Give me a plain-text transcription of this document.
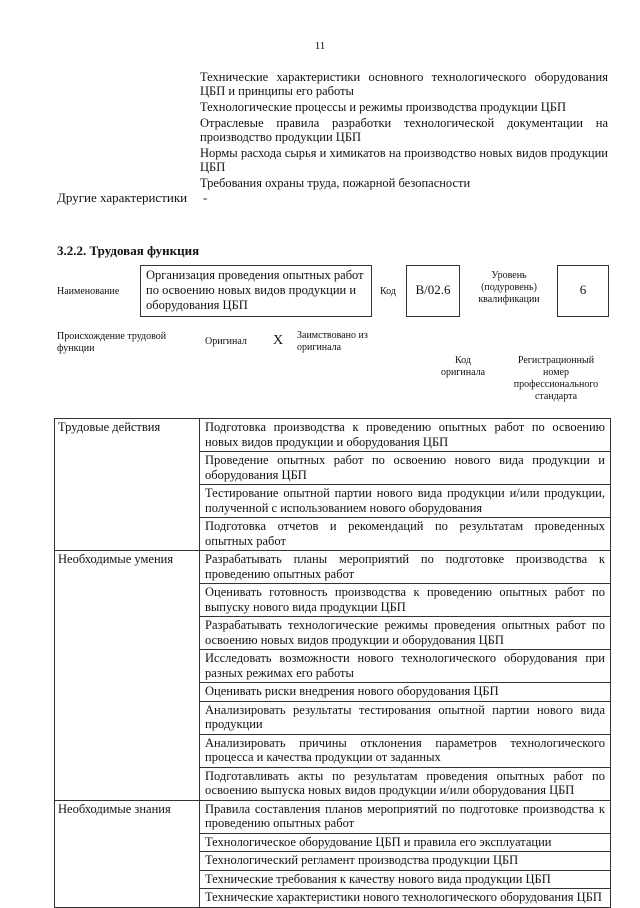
11

Технические характеристики основного технологического оборудования ЦБП и принципы его работы

Технологические процессы и режимы производства продукции ЦБП

Отраслевые правила разработки технологической документации на производство продукции ЦБП

Нормы расхода сырья и химикатов на производство новых видов продукции ЦБП

Требования охраны труда, пожарной безопасности

Другие характеристики -
3.2.2. Трудовая функция
Наименование
Организация проведения опытных работ по освоению новых видов продукции и оборудования ЦБП
Код	B/02.6
Уровень (подуровень) квалификации
6
Происхождение трудовой функции
Оригинал X Заимствовано из оригинала
Код оригинала
Регистрационный номер профессионального стандарта
Трудовые действия	Подготовка производства к проведению опытных работ по освоению новых видов продукции и оборудования ЦБП
	Проведение опытных работ по освоению нового вида продукции и оборудования ЦБП
	Тестирование опытной партии нового вида продукции и/или продукции, полученной с использованием нового оборудования
	Подготовка отчетов и рекомендаций по результатам проведенных опытных работ
Необходимые умения	Разрабатывать планы мероприятий по подготовке производства к проведению опытных работ
	Оценивать готовность производства к проведению опытных работ по выпуску нового вида продукции ЦБП
	Разрабатывать технологические режимы проведения опытных работ по освоению новых видов продукции и оборудования ЦБП
	Исследовать возможности нового технологического оборудования при разных режимах его работы
	Оценивать риски внедрения нового оборудования ЦБП
	Анализировать результаты тестирования опытной партии нового вида продукции
	Анализировать причины отклонения параметров технологического процесса и качества продукции от заданных
	Подготавливать акты по результатам проведения опытных работ по освоению выпуска новых видов продукции и/или оборудования ЦБП
Необходимые знания	Правила составления планов мероприятий по подготовке производства к проведению опытных работ
	Технологическое оборудование ЦБП и правила его эксплуатации
	Технологический регламент производства продукции ЦБП
	Технические требования к качеству нового вида продукции ЦБП
	Технические характеристики нового технологического оборудования ЦБП
